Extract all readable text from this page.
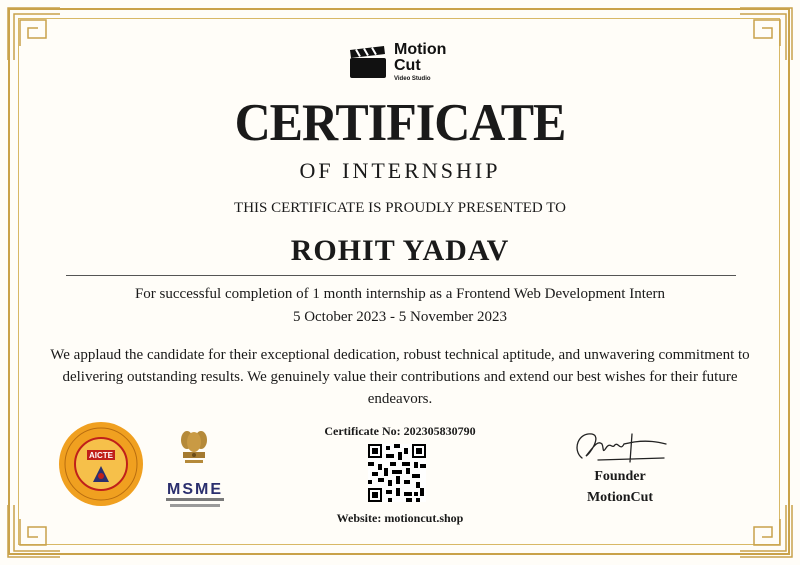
Motion
Cut
Video Studio
CERTIFICATE
OF INTERNSHIP
THIS CERTIFICATE IS PROUDLY PRESENTED TO
ROHIT YADAV
For successful completion of 1 month internship as a Frontend Web Development Intern
5 October 2023 - 5 November 2023
We applaud the candidate for their exceptional dedication, robust technical aptitude, and unwavering commitment to delivering outstanding results. We genuinely value their contributions and extend our best wishes for their future endeavors.
AICTE
MSME
Certificate No: 202305830790
Website: motioncut.shop
Founder
MotionCut
